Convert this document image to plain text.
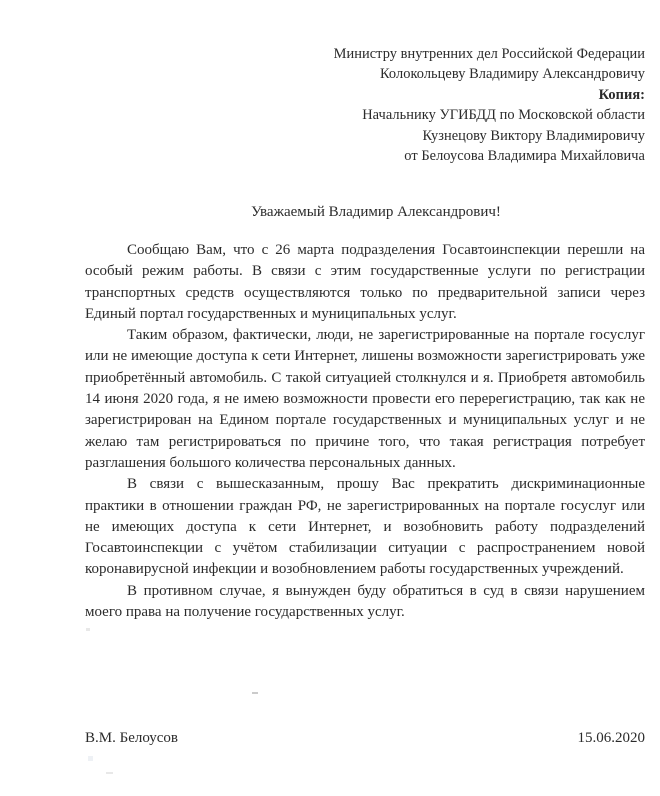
Министру внутренних дел Российской Федерации
Колокольцеву Владимиру Александровичу
Копия:
Начальнику УГИБДД по Московской области
Кузнецову Виктору Владимировичу
от Белоусова Владимира Михайловича
Уважаемый Владимир Александрович!

Сообщаю Вам, что с 26 марта подразделения Госавтоинспекции перешли на особый режим работы. В связи с этим государственные услуги по регистрации транспортных средств осуществляются только по предварительной записи через Единый портал государственных и муниципальных услуг.

Таким образом, фактически, люди, не зарегистрированные на портале госуслуг или не имеющие доступа к сети Интернет, лишены возможности зарегистрировать уже приобретённый автомобиль. С такой ситуацией столкнулся и я. Приобретя автомобиль 14 июня 2020 года, я не имею возможности провести его перерегистрацию, так как не зарегистрирован на Едином портале государственных и муниципальных услуг и не желаю там регистрироваться по причине того, что такая регистрация потребует разглашения большого количества персональных данных.

В связи с вышесказанным, прошу Вас прекратить дискриминационные практики в отношении граждан РФ, не зарегистрированных на портале госуслуг или не имеющих доступа к сети Интернет, и возобновить работу подразделений Госавтоинспекции с учётом стабилизации ситуации с распространением новой коронавирусной инфекции и возобновлением работы государственных учреждений.

В противном случае, я вынужден буду обратиться в суд в связи нарушением моего права на получение государственных услуг.

В.М. Белоусов	15.06.2020
